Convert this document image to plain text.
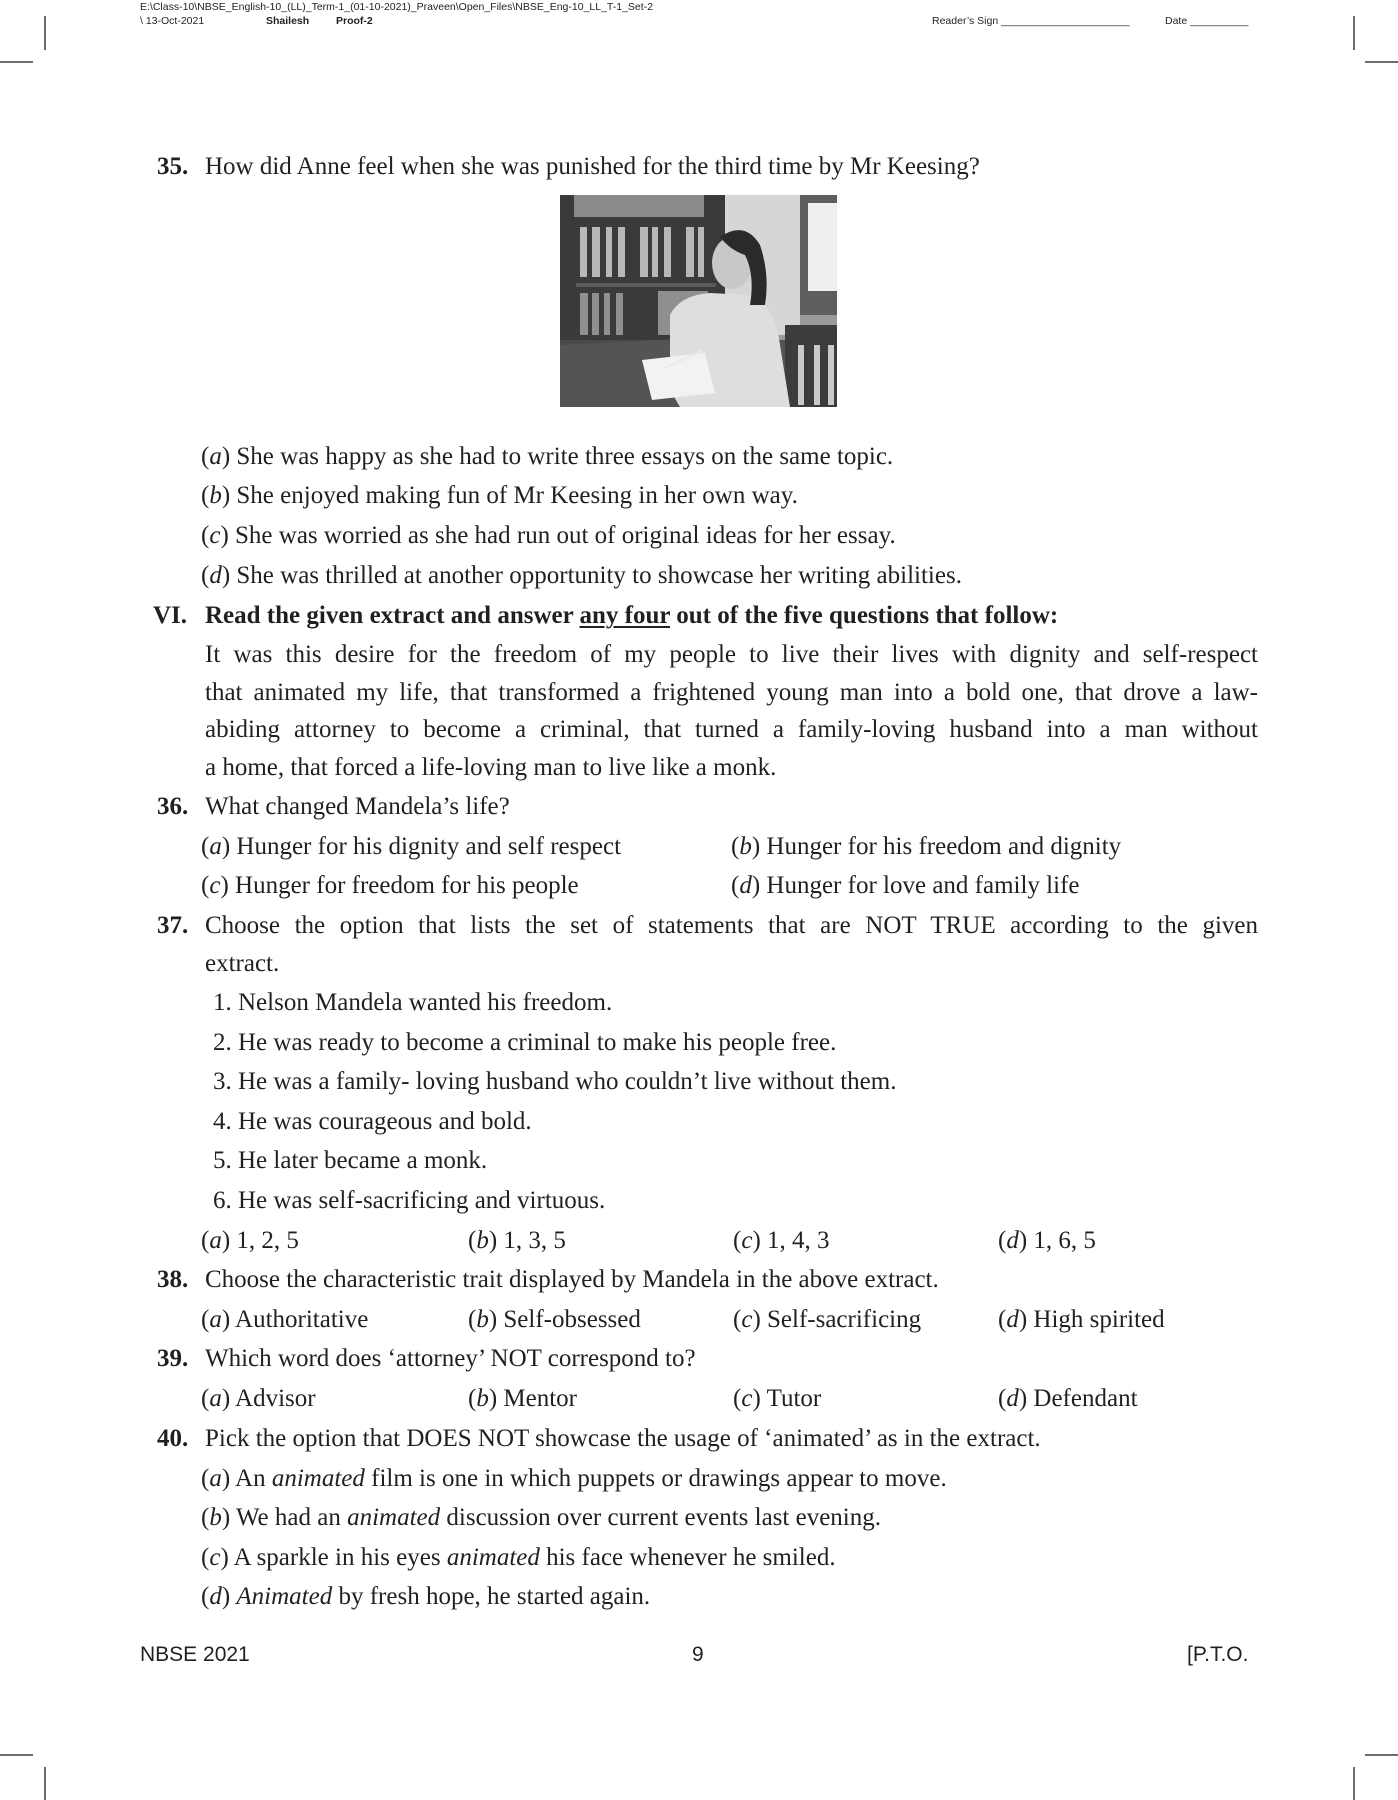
E:\Class-10\NBSE_English-10_(LL)_Term-1_(01-10-2021)_Praveen\Open_Files\NBSE_Eng-10_LL_T-1_Set-2
\ 13-Oct-2021	Shailesh	Proof-2	Reader’s Sign ______________________	Date __________
35. How did Anne feel when she was punished for the third time by Mr Keesing?
(a) She was happy as she had to write three essays on the same topic.
(b) She enjoyed making fun of Mr Keesing in her own way.
(c) She was worried as she had run out of original ideas for her essay.
(d) She was thrilled at another opportunity to showcase her writing abilities.
VI. Read the given extract and answer any four out of the five questions that follow:
It was this desire for the freedom of my people to live their lives with dignity and self-respect
that animated my life, that transformed a frightened young man into a bold one, that drove a law-
abiding attorney to become a criminal, that turned a family-loving husband into a man without
a home, that forced a life-loving man to live like a monk.
36. What changed Mandela’s life?
(a) Hunger for his dignity and self respect	(b) Hunger for his freedom and dignity
(c) Hunger for freedom for his people	(d) Hunger for love and family life
37. Choose the option that lists the set of statements that are NOT TRUE according to the given
extract.
1. Nelson Mandela wanted his freedom.
2. He was ready to become a criminal to make his people free.
3. He was a family- loving husband who couldn’t live without them.
4. He was courageous and bold.
5. He later became a monk.
6. He was self-sacrificing and virtuous.
(a) 1, 2, 5	(b) 1, 3, 5	(c) 1, 4, 3	(d) 1, 6, 5
38. Choose the characteristic trait displayed by Mandela in the above extract.
(a) Authoritative	(b) Self-obsessed	(c) Self-sacrificing	(d) High spirited
39. Which word does ‘attorney’ NOT correspond to?
(a) Advisor	(b) Mentor	(c) Tutor	(d) Defendant
40. Pick the option that DOES NOT showcase the usage of ‘animated’ as in the extract.
(a) An animated film is one in which puppets or drawings appear to move.
(b) We had an animated discussion over current events last evening.
(c) A sparkle in his eyes animated his face whenever he smiled.
(d) Animated by fresh hope, he started again.
NBSE 2021	9	[P.T.O.
